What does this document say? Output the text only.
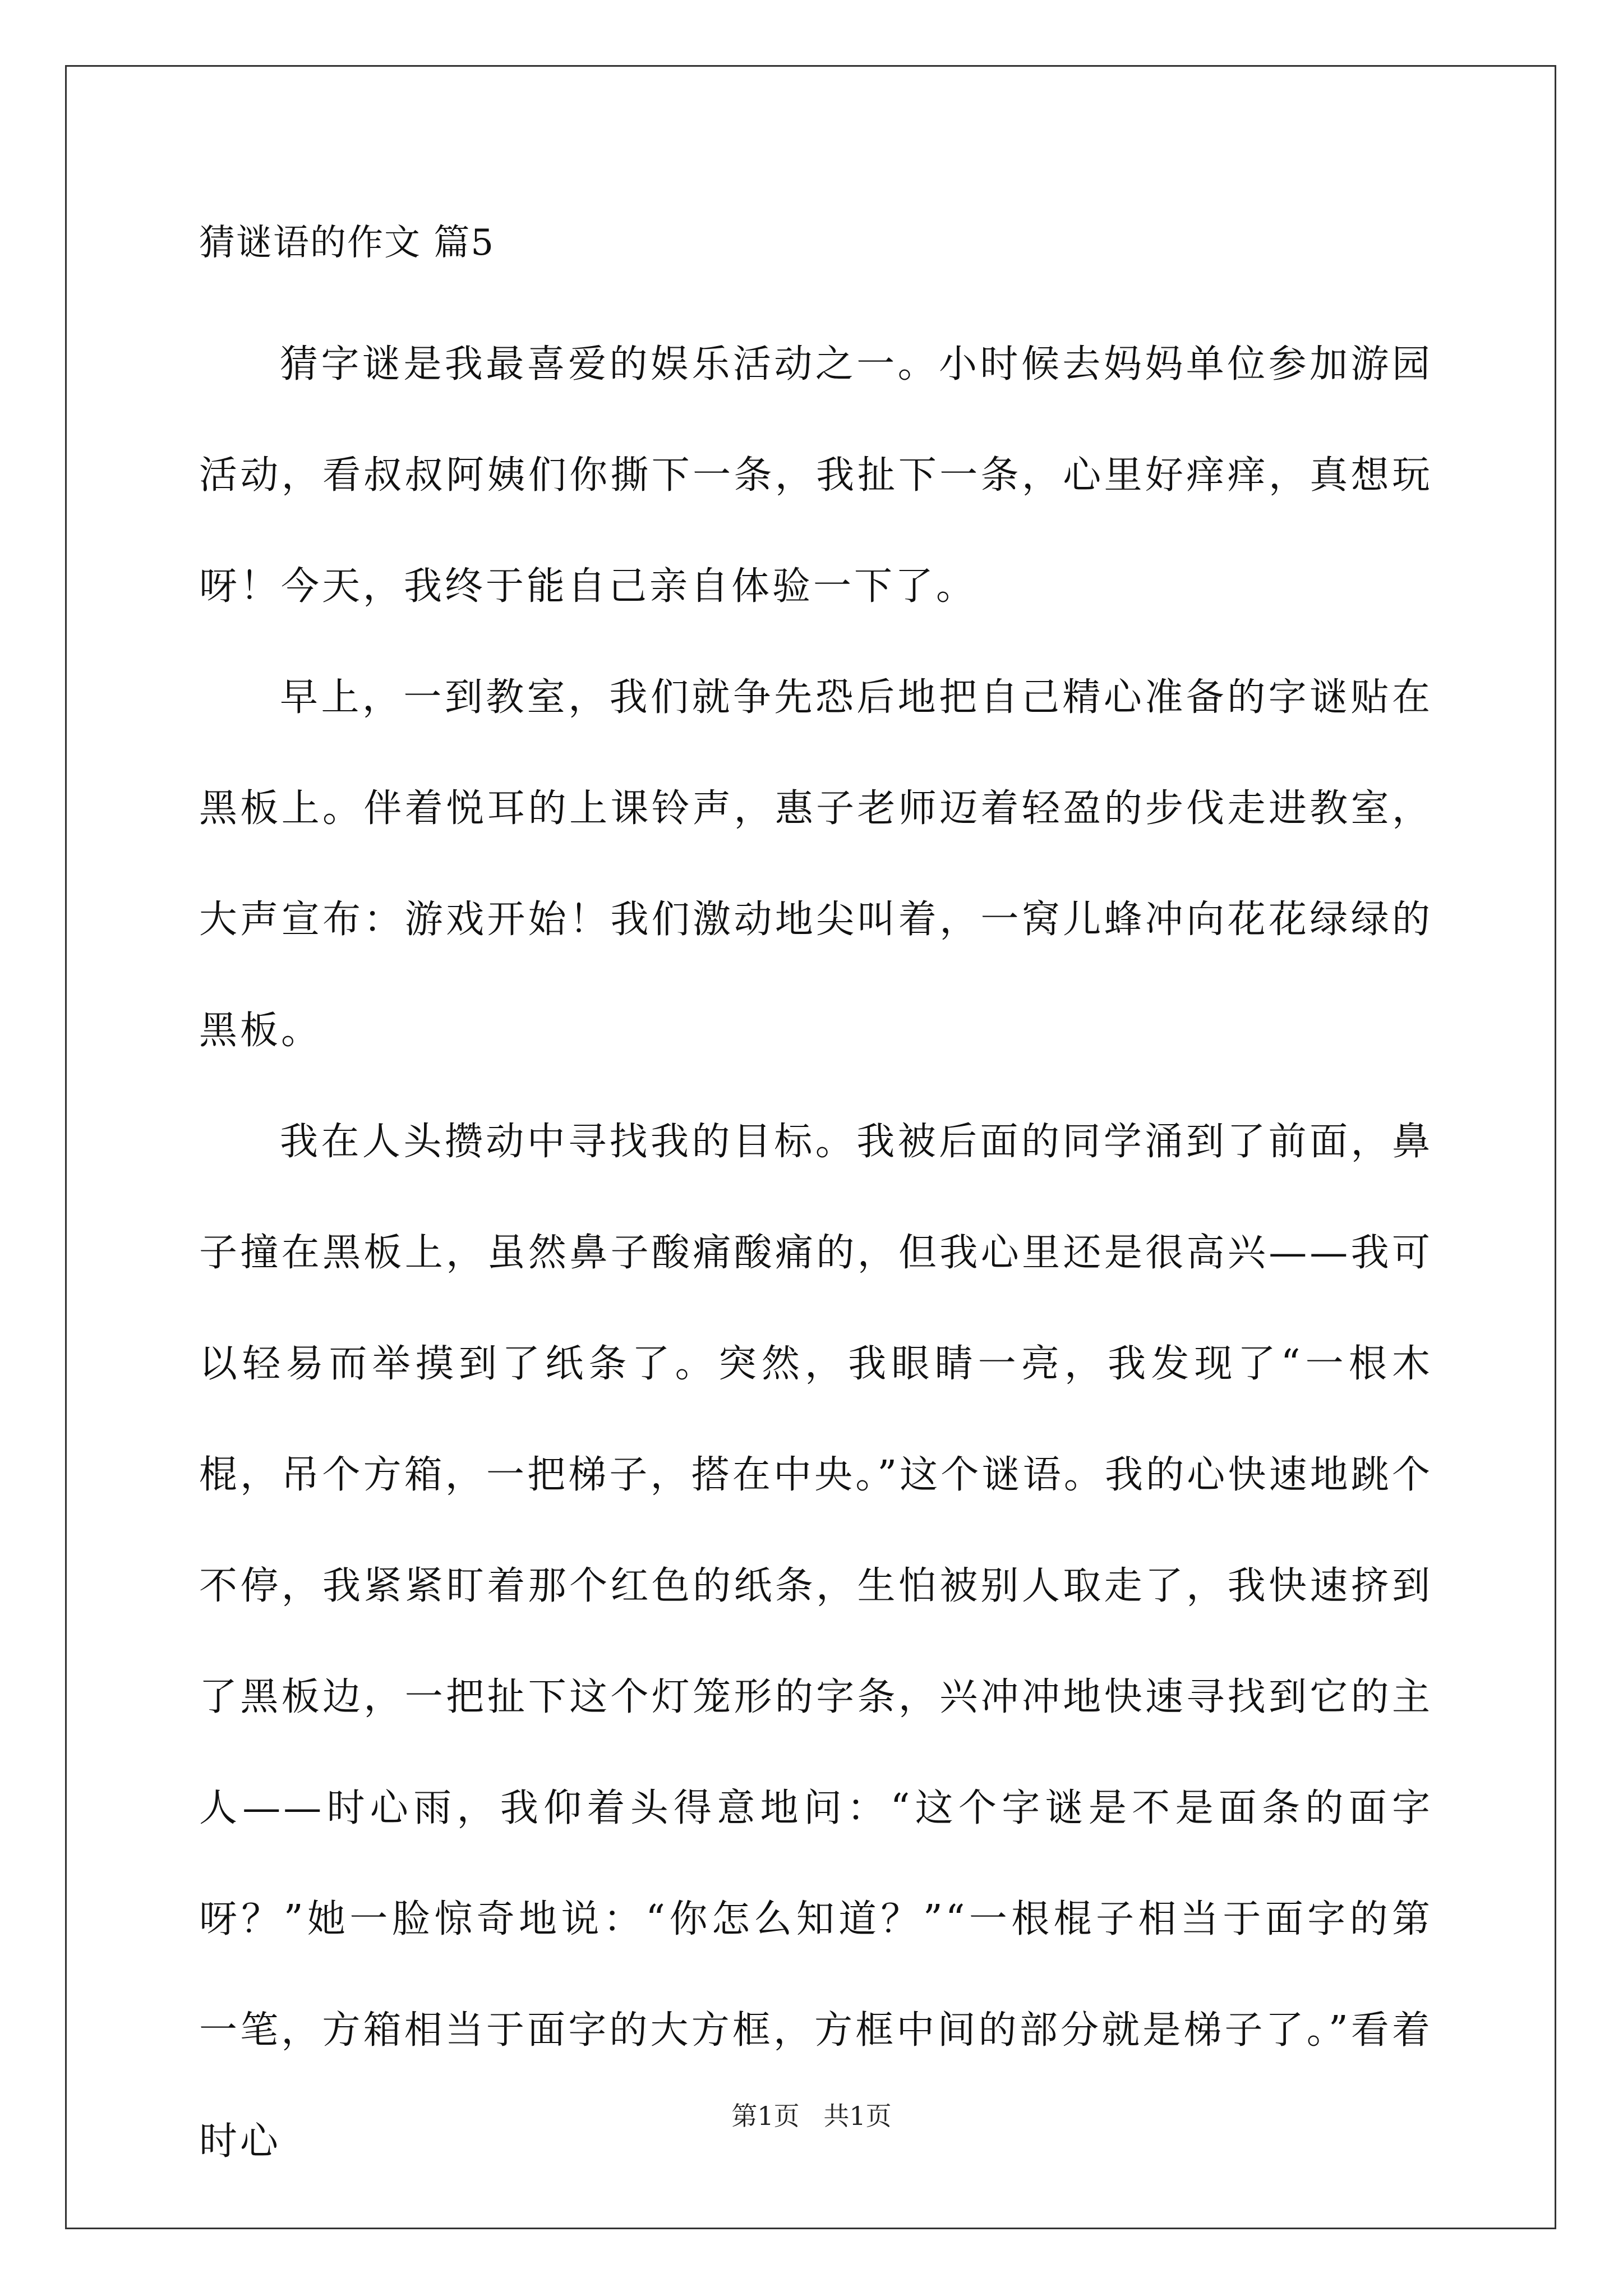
猜谜语的作文 篇5

猜字谜是我最喜爱的娱乐活动之一。小时候去妈妈单位参加游园活动，看叔叔阿姨们你撕下一条，我扯下一条，心里好痒痒，真想玩呀！今天，我终于能自己亲自体验一下了。

早上，一到教室，我们就争先恐后地把自己精心准备的字谜贴在黑板上。伴着悦耳的上课铃声，惠子老师迈着轻盈的步伐走进教室，大声宣布：游戏开始！我们激动地尖叫着，一窝儿蜂冲向花花绿绿的黑板。

我在人头攒动中寻找我的目标。我被后面的同学涌到了前面，鼻子撞在黑板上，虽然鼻子酸痛酸痛的，但我心里还是很高兴——我可以轻易而举摸到了纸条了。突然，我眼睛一亮，我发现了“一根木棍，吊个方箱，一把梯子，搭在中央。”这个谜语。我的心快速地跳个不停，我紧紧盯着那个红色的纸条，生怕被别人取走了，我快速挤到了黑板边，一把扯下这个灯笼形的字条，兴冲冲地快速寻找到它的主人——时心雨，我仰着头得意地问：“这个字谜是不是面条的面字呀？”她一脸惊奇地说：“你怎么知道？”“一根棍子相当于面字的第一笔，方箱相当于面字的大方框，方框中间的部分就是梯子了。”看着时心

第1页 共1页
